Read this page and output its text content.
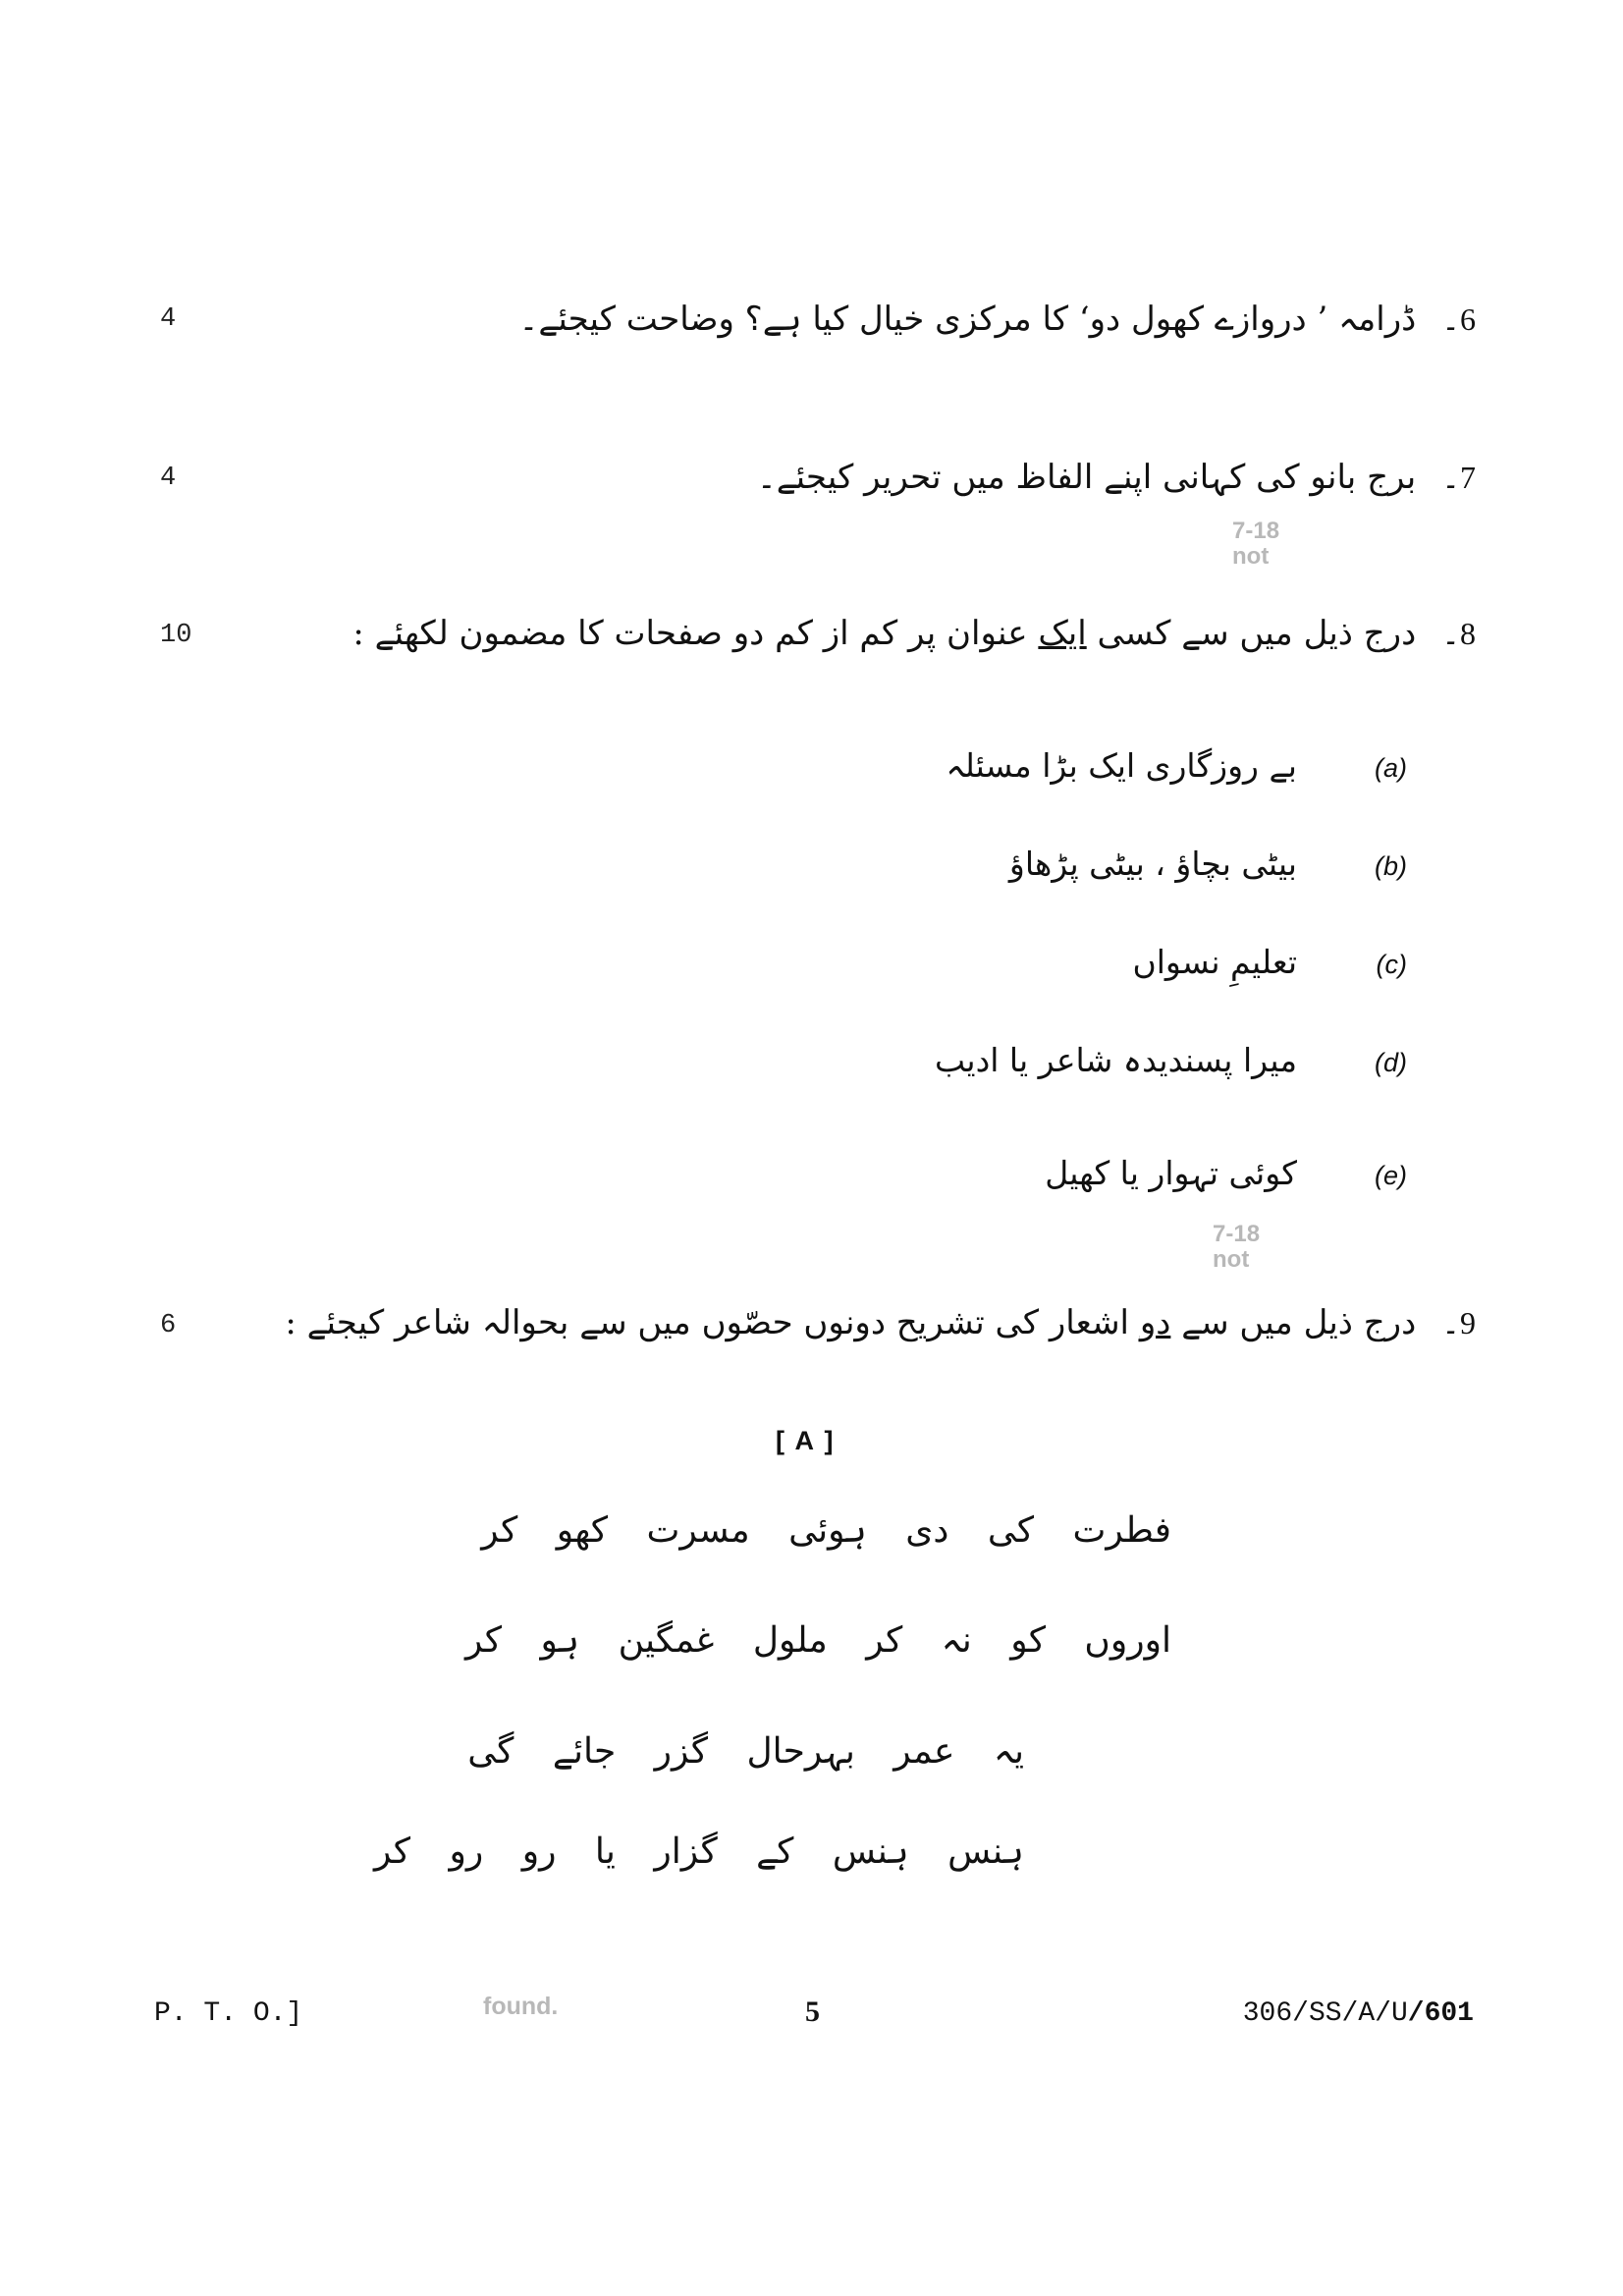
4	6۔ڈرامہ ’ دروازے کھول دو‘ کا مرکزی خیال کیا ہے؟ وضاحت کیجئے۔
4	7۔برج بانو کی کہانی اپنے الفاظ میں تحریر کیجئے۔
7-18
not
10	8۔درج ذیل میں سے کسی ایک عنوان پر کم از کم دو صفحات کا مضمون لکھئے :
(a)بے روزگاری ایک بڑا مسئلہ
(b)بیٹی بچاؤ ، بیٹی پڑھاؤ
(c)تعلیمِ نسواں
(d)میرا پسندیدہ شاعر یا ادیب
(e)کوئی تہوار یا کھیل
7-18
not
6	9۔درج ذیل میں سے دو اشعار کی تشریح دونوں حصّوں میں سے بحوالہ شاعر کیجئے :
[ A ]
فطرت کی دی ہوئی مسرت کھو کر
اوروں کو نہ کر ملول غمگین ہو کر
یہ عمر بہرحال گزر جائے گی
ہنس ہنس کے گزار یا رو رو کر
P. T. O.]	found.	5	306/SS/A/U/601
